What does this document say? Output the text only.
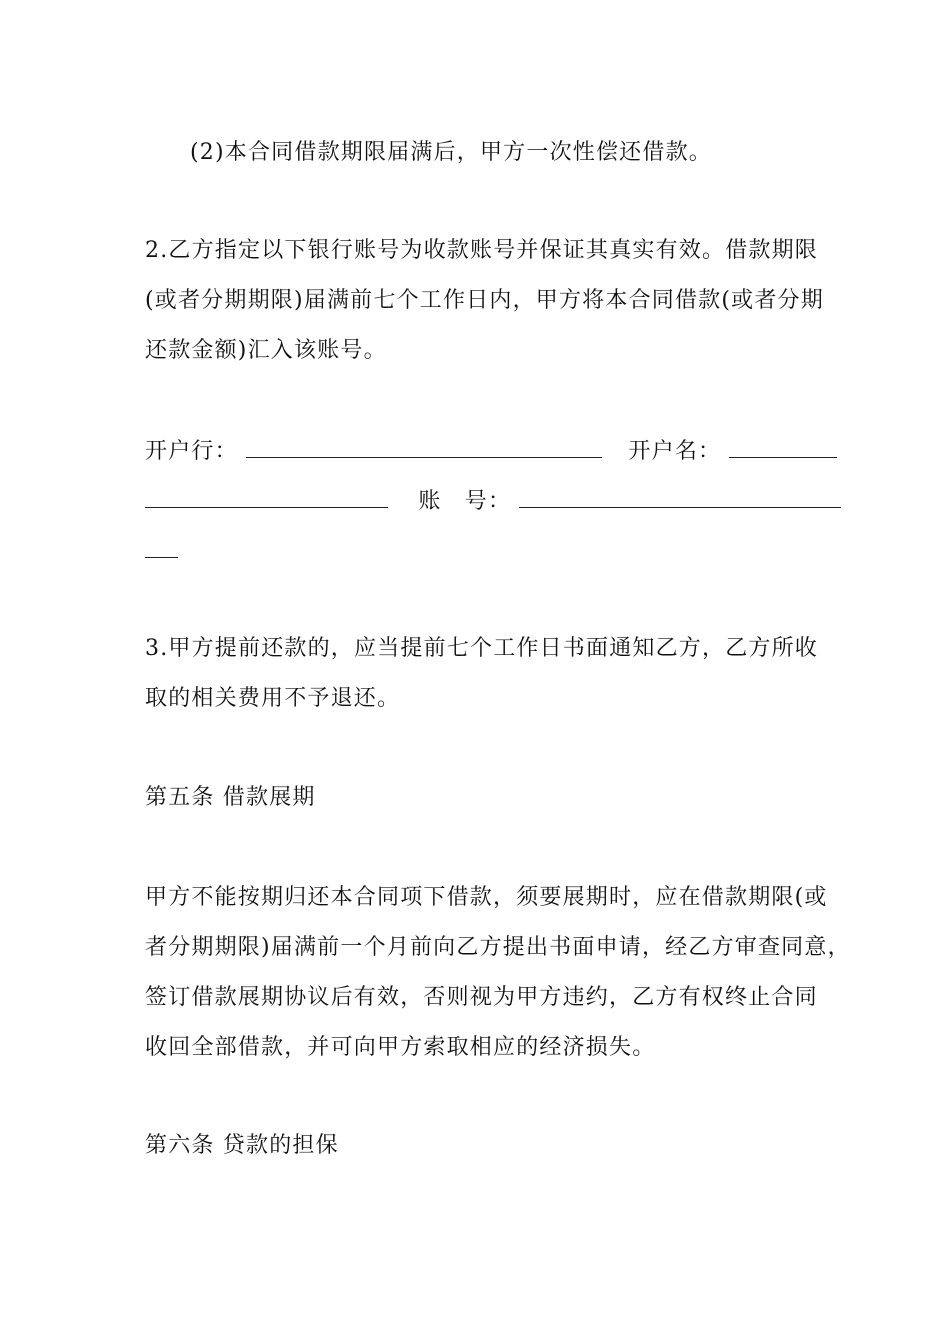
(2)本合同借款期限届满后，甲方一次性偿还借款。
2.乙方指定以下银行账号为收款账号并保证其真实有效。借款期限
(或者分期期限)届满前七个工作日内，甲方将本合同借款(或者分期
还款金额)汇入该账号。
开户行：	开户名：
账　号：
3.甲方提前还款的，应当提前七个工作日书面通知乙方，乙方所收
取的相关费用不予退还。
第五条 借款展期
甲方不能按期归还本合同项下借款，须要展期时，应在借款期限(或
者分期期限)届满前一个月前向乙方提出书面申请，经乙方审查同意，
签订借款展期协议后有效，否则视为甲方违约，乙方有权终止合同
收回全部借款，并可向甲方索取相应的经济损失。
第六条 贷款的担保
